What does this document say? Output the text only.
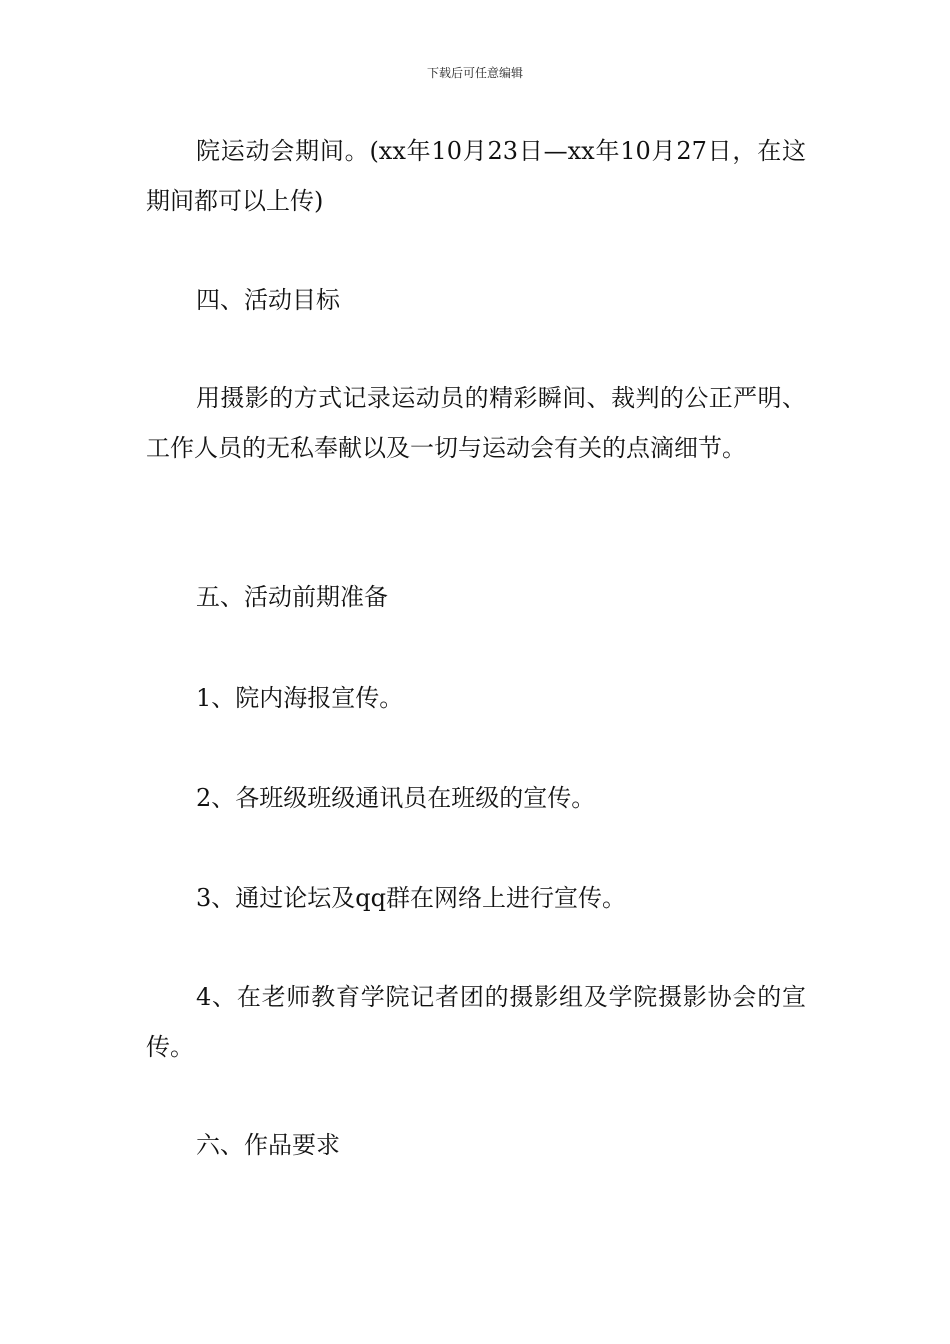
下载后可任意编辑

院运动会期间。(xx年10月23日—xx年10月27日，在这期间都可以上传)

四、活动目标

用摄影的方式记录运动员的精彩瞬间、裁判的公正严明、工作人员的无私奉献以及一切与运动会有关的点滴细节。

五、活动前期准备

1、院内海报宣传。

2、各班级班级通讯员在班级的宣传。

3、通过论坛及qq群在网络上进行宣传。

4、在老师教育学院记者团的摄影组及学院摄影协会的宣传。

六、作品要求
